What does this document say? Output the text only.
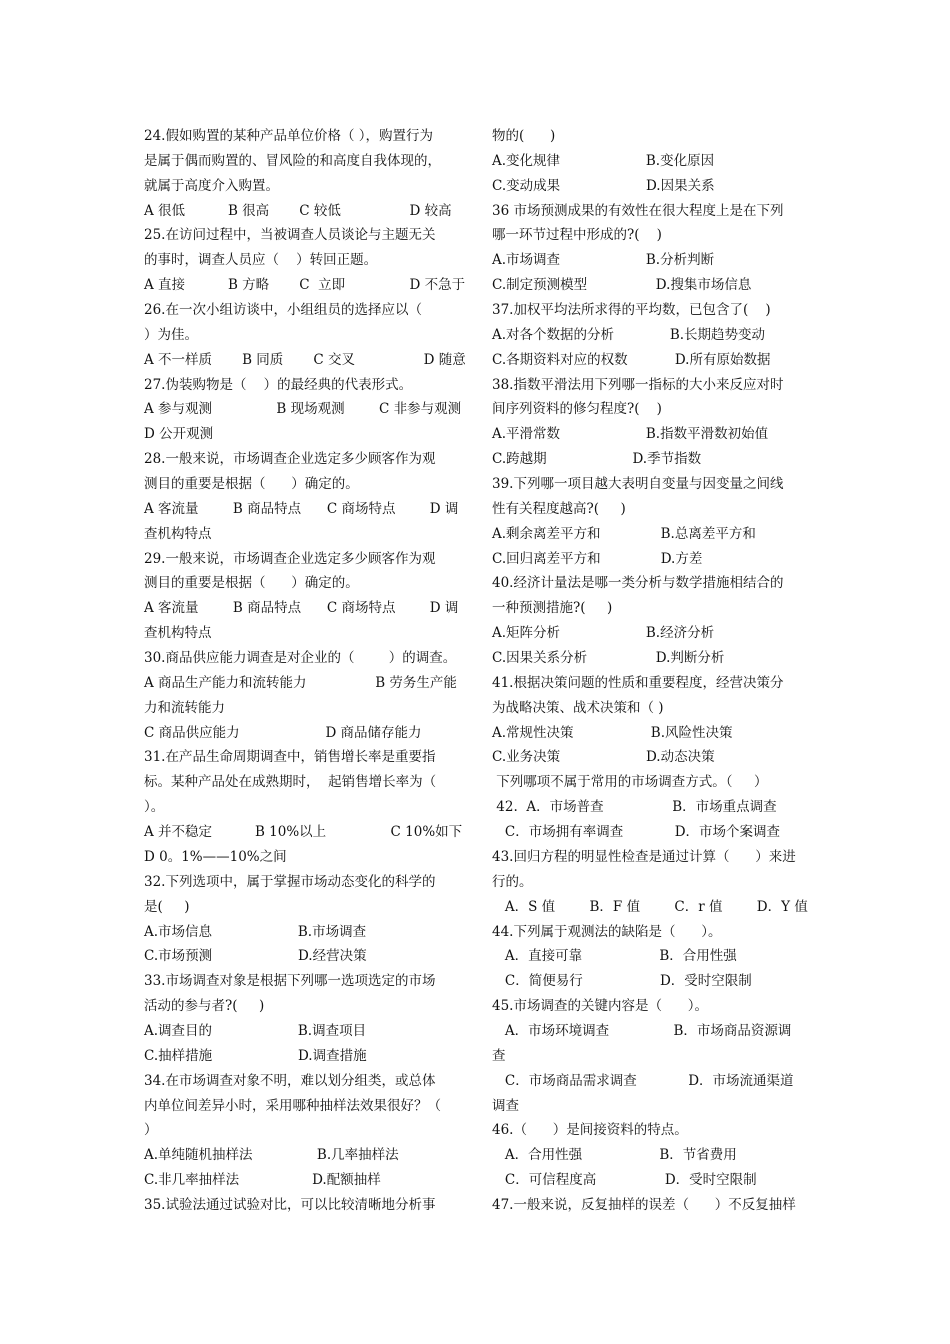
24.假如购置的某种产品单位价格（ ），购置行为
是属于偶而购置的、冒风险的和高度自我体现的，
就属于高度介入购置。
A 很低          B 很高       C 较低                D 较高
25.在访问过程中，当被调查人员谈论与主题无关
的事时，调查人员应（    ）转回正题。
A 直接          B 方略       C  立即               D 不急于
26.在一次小组访谈中，小组组员的选择应以（
）为佳。
A 不一样质       B 同质       C 交叉                D 随意
27.伪装购物是（    ）的最经典的代表形式。
A 参与观测               B 现场观测        C 非参与观测
D 公开观测
28.一般来说，市场调查企业选定多少顾客作为观
测目的重要是根据（      ）确定的。
A 客流量        B 商品特点      C 商场特点        D 调
查机构特点
29.一般来说，市场调查企业选定多少顾客作为观
测目的重要是根据（      ）确定的。
A 客流量        B 商品特点      C 商场特点        D 调
查机构特点
30.商品供应能力调查是对企业的（        ）的调查。
A 商品生产能力和流转能力                B 劳务生产能
力和流转能力
C 商品供应能力                    D 商品储存能力
31.在产品生命周期调查中，销售增长率是重要指
标。某种产品处在成熟期时，  起销售增长率为（
）。
A 并不稳定          B 10%以上               C 10%如下
D 0。1%——10%之间
32.下列选项中，属于掌握市场动态变化的科学的
是(     )
A.市场信息                    B.市场调查
C.市场预测                    D.经营决策
33.市场调查对象是根据下列哪一选项选定的市场
活动的参与者?(     )
A.调查目的                    B.调查项目
C.抽样措施                    D.调查措施
34.在市场调查对象不明，难以划分组类，或总体
内单位间差异小时，采用哪种抽样法效果很好？（
）
A.单纯随机抽样法               B.几率抽样法
C.非几率抽样法                 D.配额抽样
35.试验法通过试验对比，可以比较清晰地分析事
物的(      )
A.变化规律                    B.变化原因
C.变动成果                    D.因果关系
36 市场预测成果的有效性在很大程度上是在下列
哪一环节过程中形成的?(    )
A.市场调查                    B.分析判断
C.制定预测模型                D.搜集市场信息
37.加权平均法所求得的平均数，已包含了(    )
A.对各个数据的分析             B.长期趋势变动
C.各期资料对应的权数           D.所有原始数据
38.指数平滑法用下列哪一指标的大小来反应对时
间序列资料的修匀程度?(    )
A.平滑常数                    B.指数平滑数初始值
C.跨越期                    D.季节指数
39.下列哪一项目越大表明自变量与因变量之间线
性有关程度越高?(     )
A.剩余离差平方和              B.总离差平方和
C.回归离差平方和              D.方差
40.经济计量法是哪一类分析与数学措施相结合的
一种预测措施?(     )
A.矩阵分析                    B.经济分析
C.因果关系分析                D.判断分析
41.根据决策问题的性质和重要程度，经营决策分
为战略决策、战术决策和（ )
A.常规性决策                  B.风险性决策
C.业务决策                    D.动态决策
下列哪项不属于常用的市场调查方式。（     ）
42.  A．市场普查                B．市场重点调查
C．市场拥有率调查            D．市场个案调查
43.回归方程的明显性检查是通过计算（      ）来进
行的。
A．S 值        B．F 值        C．r 值        D．Y 值
44.下列属于观测法的缺陷是（      ）。
A．直接可靠                  B．合用性强
C．简便易行                  D．受时空限制
45.市场调查的关键内容是（      ）。
A．市场环境调查               B．市场商品资源调
查
C．市场商品需求调查            D．市场流通渠道
调查
46.（      ）是间接资料的特点。
A．合用性强                  B．节省费用
C．可信程度高                D．受时空限制
47.一般来说，反复抽样的误差（      ）不反复抽样
